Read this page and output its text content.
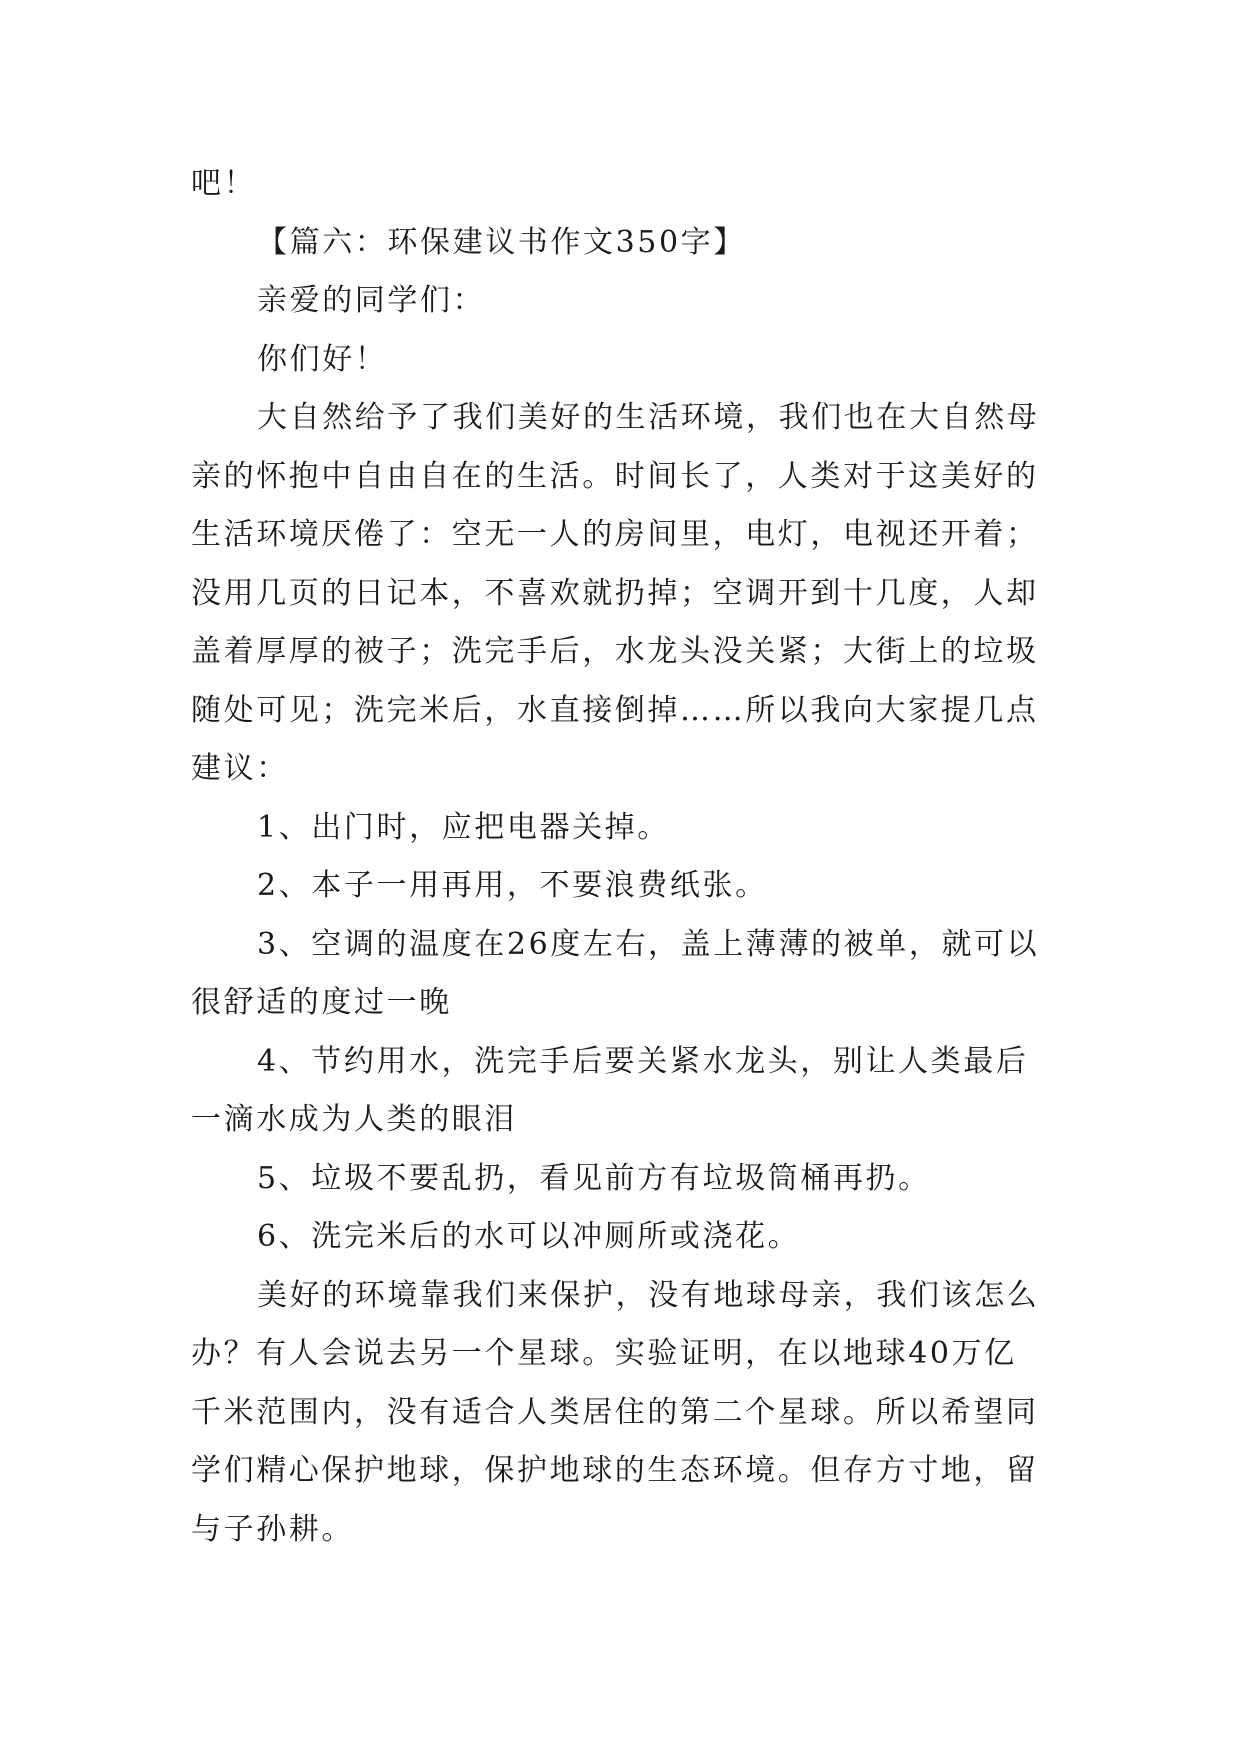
吧！
【篇六：环保建议书作文350字】
亲爱的同学们：
你们好！
大自然给予了我们美好的生活环境，我们也在大自然母
亲的怀抱中自由自在的生活。时间长了，人类对于这美好的
生活环境厌倦了：空无一人的房间里，电灯，电视还开着；
没用几页的日记本，不喜欢就扔掉；空调开到十几度，人却
盖着厚厚的被子；洗完手后，水龙头没关紧；大街上的垃圾
随处可见；洗完米后，水直接倒掉……所以我向大家提几点
建议：
1、出门时，应把电器关掉。
2、本子一用再用，不要浪费纸张。
3、空调的温度在26度左右，盖上薄薄的被单，就可以
很舒适的度过一晚
4、节约用水，洗完手后要关紧水龙头，别让人类最后
一滴水成为人类的眼泪
5、垃圾不要乱扔，看见前方有垃圾筒桶再扔。
6、洗完米后的水可以冲厕所或浇花。
美好的环境靠我们来保护，没有地球母亲，我们该怎么
办？有人会说去另一个星球。实验证明，在以地球40万亿
千米范围内，没有适合人类居住的第二个星球。所以希望同
学们精心保护地球，保护地球的生态环境。但存方寸地，留
与子孙耕。
